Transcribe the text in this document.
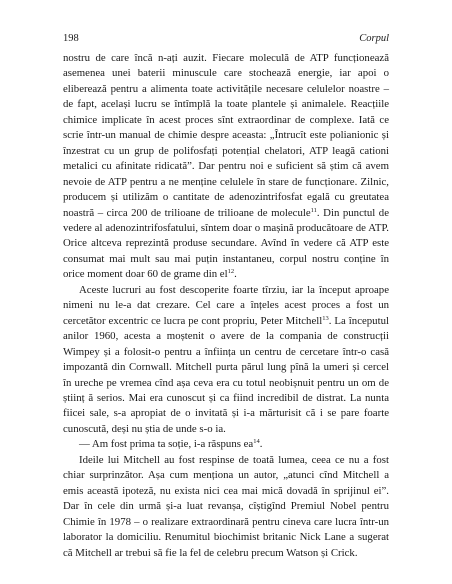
198	Corpul

nostru de care încă n-ați auzit. Fiecare moleculă de ATP funcționează asemenea unei baterii minuscule care stochează energie, iar apoi o eliberează pentru a alimenta toate activitățile necesare celulelor noastre – de fapt, același lucru se întîmplă la toate plantele și animalele. Reacțiile chimice implicate în acest proces sînt extraordinar de complexe. Iată ce scrie într-un manual de chimie despre aceasta: „Întrucît este polianionic și înzestrat cu un grup de polifosfați potențial chelatori, ATP leagă cationi metalici cu afinitate ridicată”. Dar pentru noi e suficient să știm că avem nevoie de ATP pentru a ne menține celulele în stare de funcționare. Zilnic, producem și utilizăm o cantitate de adenozintrifosfat egală cu greutatea noastră – circa 200 de trilioane de trilioane de molecule$^{11}$. Din punctul de vedere al adenozintrifosfatului, sîntem doar o mașină producătoare de ATP. Orice altceva reprezintă produse secundare. Avînd în vedere că ATP este consumat mai mult sau mai puțin instantaneu, corpul nostru conține în orice moment doar 60 de grame din $el^{12}$.

Aceste lucruri au fost descoperite foarte tîrziu, iar la început aproape nimeni nu le-a dat crezare. Cel care a înțeles acest proces a fost un cercetător excentric ce lucra pe cont propriu, Peter Mitchell$^{13}$. La începutul anilor 1960, acesta a moștenit o avere de la compania de construcții Wimpey și a folosit-o pentru a înființa un centru de cercetare într-o casă impozantă din Cornwall. Mitchell purta părul lung pînă la umeri și cercel în ureche pe vremea cînd așa ceva era cu totul neobișnuit pentru un om de științ ă serios. Mai era cunoscut și ca fiind incredibil de distrat. La nunta fiicei sale, s-a apropiat de o invitată și i-a mărturisit că i se pare foarte cunoscută, deși nu știa de unde s-o ia.

— Am fost prima ta soție, i-a răspuns $ea^{14}$.

Ideile lui Mitchell au fost respinse de toată lumea, ceea ce nu a fost chiar surprinzător. Așa cum menționa un autor, „atunci cînd Mitchell a emis această ipoteză, nu exista nici cea mai mică dovadă în sprijinul ei”. Dar în cele din urmă și-a luat revanșa, cîștigînd Premiul Nobel pentru Chimie în 1978 – o realizare extraordinară pentru cineva care lucra într-un laborator la domiciliu. Renumitul biochimist britanic Nick Lane a sugerat că Mitchell ar trebui să fie la fel de celebru precum Watson și Crick.
